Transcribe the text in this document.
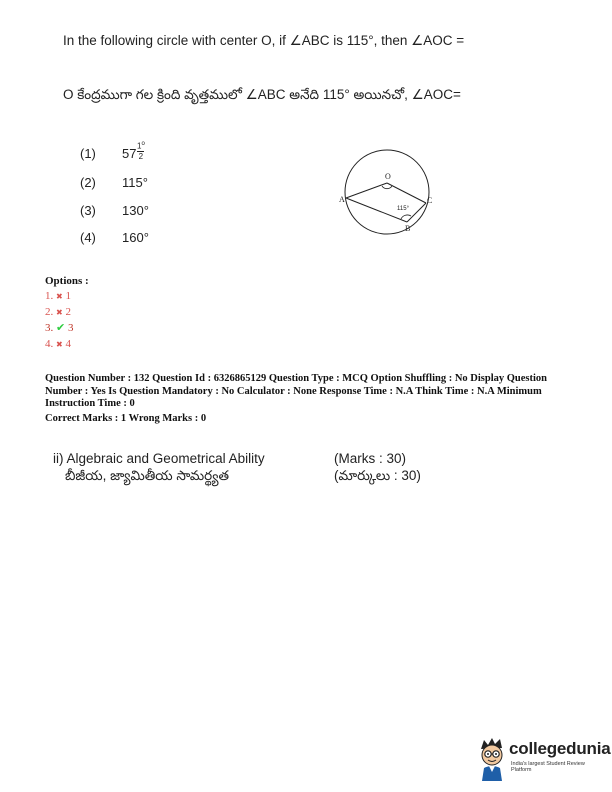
In the following circle with center O, if ∠ABC is 115°, then ∠AOC =
O కేంద్రముగా గల క్రింది వృత్తములో ∠ABC అనేది 115° అయినచో, ∠AOC=
(1) 57 1$^o$
2
(2) 115°
(3) 130°
(4) 160°
O
A
B
C
115°
Options :
1. ✖ 1
2. ✖ 2
3. ✔ 3
4. ✖ 4
Question Number : 132 Question Id : 6326865129 Question Type : MCQ Option Shuffling : No Display Question Number : Yes Is Question Mandatory : No Calculator : None Response Time : N.A Think Time : N.A Minimum Instruction Time : 0
Correct Marks : 1 Wrong Marks : 0
ii) Algebraic and Geometrical Ability
బీజీయ, జ్యామితీయ సామర్థ్యత
(Marks : 30)
(మార్కులు : 30)
collegedunia
India's largest Student Review Platform
